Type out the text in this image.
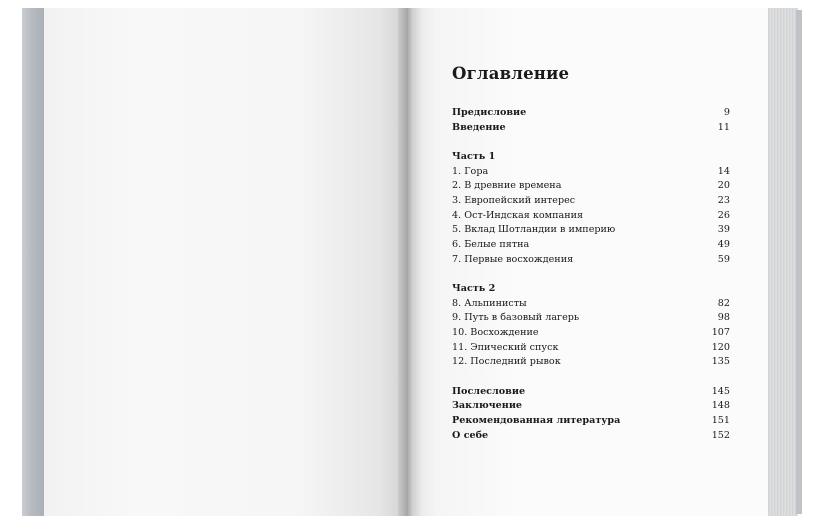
Оглавление
Предисловие	9
Введение	11
Часть 1
1. Гора	14
2. В древние времена	20
3. Европейский интерес	23
4. Ост-Индская компания	26
5. Вклад Шотландии в империю	39
6. Белые пятна	49
7. Первые восхождения	59
Часть 2
8. Альпинисты	82
9. Путь в базовый лагерь	98
10. Восхождение	107
11. Эпический спуск	120
12. Последний рывок	135
Послесловие	145
Заключение	148
Рекомендованная литература	151
О себе	152
